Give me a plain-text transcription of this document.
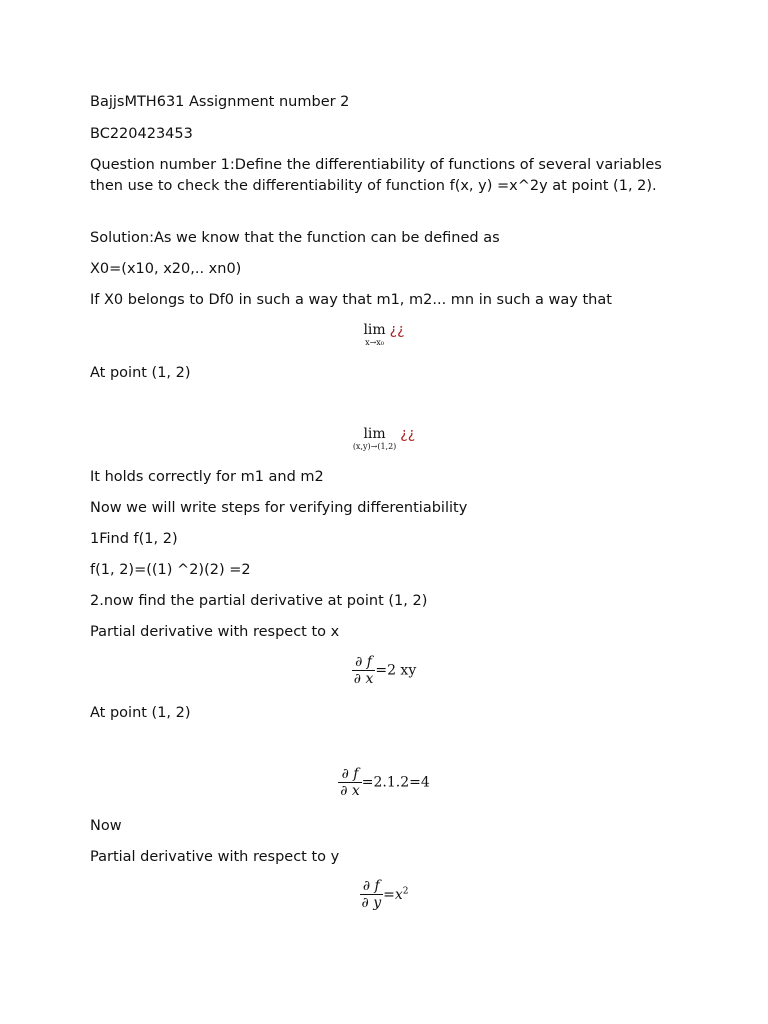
BajjsMTH631 Assignment number 2

BC220423453

Question number 1:Define the differentiability of functions of several variables then use to check the differentiability of function f(x, y) =x^2y at point (1, 2).

Solution:As we know that the function can be defined as

X0=(x10, x20,.. xn0)

If X0 belongs to Df0 in such a way that m1, m2... mn in such a way that

lim
x→x₀
¿¿

At point (1, 2)

lim
(x,y)→(1,2)
¿¿

It holds correctly for m1 and m2

Now we will write steps for verifying differentiability

1Find f(1, 2)

f(1, 2)=((1) ^2)(2) =2

2.now find the partial derivative at point (1, 2)

Partial derivative with respect to x

$\frac{\partial f}{\partial x} =2$ xy

At point (1, 2)

$\frac{\partial f}{\partial x} =2.1.2=4$

Now

Partial derivative with respect to y

$\frac{\partial f}{\partial y} =x^2$
